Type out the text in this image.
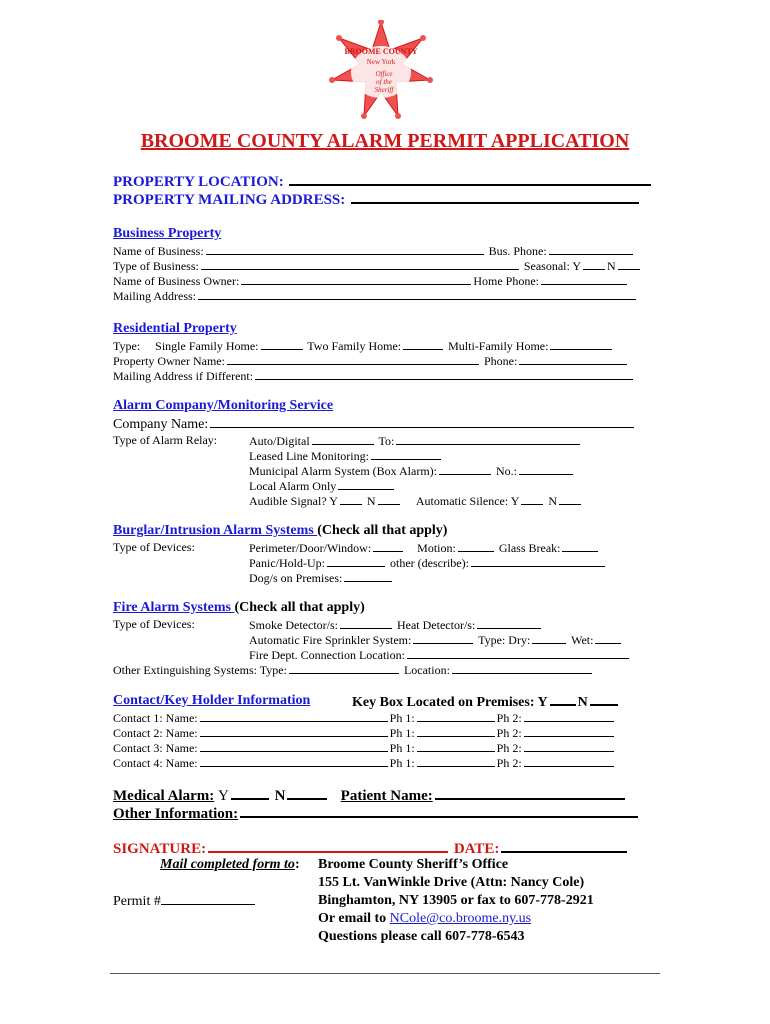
BROOME COUNTY
New York
Office
of the
Sheriff
BROOME COUNTY ALARM PERMIT APPLICATION
PROPERTY LOCATION:
PROPERTY MAILING ADDRESS:
Business Property
Name of Business:	Bus. Phone:
Type of Business:	Seasonal: Y N
Name of Business Owner:	Home Phone:
Mailing Address:
Residential Property
Type: Single Family Home:	Two Family Home:	Multi-Family Home:
Property Owner Name:	Phone:
Mailing Address if Different:
Alarm Company/Monitoring Service
Company Name:
Type of Alarm Relay:	Auto/Digital	To:
Leased Line Monitoring:
Municipal Alarm System (Box Alarm):	No.:
Local Alarm Only
Audible Signal? Y N	Automatic Silence: Y N
Burglar/Intrusion Alarm Systems (Check all that apply)
Type of Devices:	Perimeter/Door/Window:	Motion:	Glass Break:
Panic/Hold-Up:	other (describe):
Dog/s on Premises:
Fire Alarm Systems (Check all that apply)
Type of Devices:	Smoke Detector/s:	Heat Detector/s:
Automatic Fire Sprinkler System:	Type: Dry:	Wet:
Fire Dept. Connection Location:
Other Extinguishing Systems: Type:	Location:
Contact/Key Holder Information	Key Box Located on Premises: Y N
Contact 1: Name:	Ph 1:	Ph 2:
Contact 2: Name:	Ph 1:	Ph 2:
Contact 3: Name:	Ph 1:	Ph 2:
Contact 4: Name:	Ph 1:	Ph 2:
Medical Alarm: Y	N	Patient Name:
Other Information:
SIGNATURE:	DATE:
Mail completed form to: Broome County Sheriff’s Office
155 Lt. VanWinkle Drive (Attn: Nancy Cole)
Permit #	Binghamton, NY 13905 or fax to 607-778-2921
Or email to NCole@co.broome.ny.us
Questions please call 607-778-6543
